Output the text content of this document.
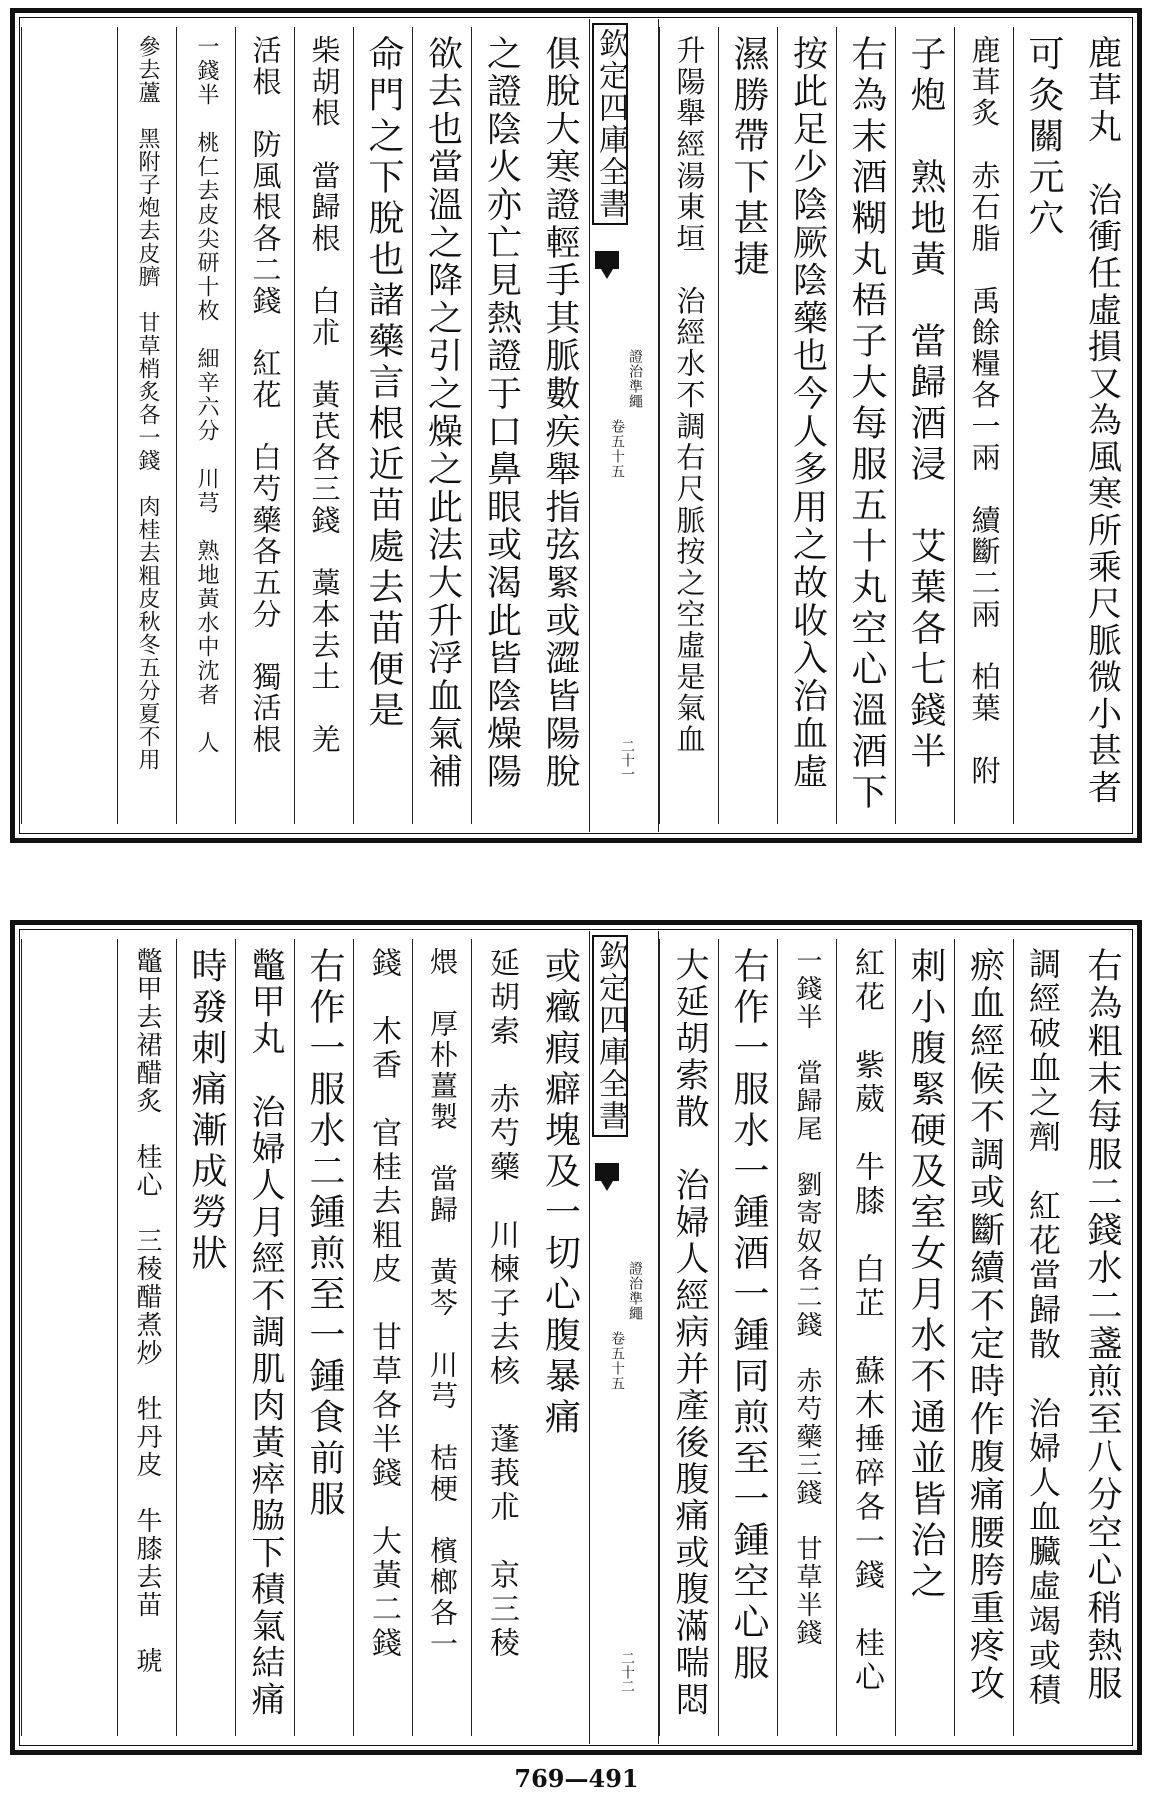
鹿茸丸　治衝任虛損又為風寒所乘尺脈微小甚者
可灸關元穴
鹿茸炙　赤石脂　禹餘糧各一兩　續斷二兩　柏葉　附
子炮　熟地黃　當歸酒浸　艾葉各七錢半
右為末酒糊丸梧子大每服五十丸空心溫酒下
按此足少陰厥陰藥也今人多用之故收入治血虛
濕勝帶下甚捷
升陽舉經湯東垣　治經水不調右尺脈按之空虛是氣血
欽定四庫全書
證治準繩
卷五十五
二十一
俱脫大寒證輕手其脈數疾舉指弦緊或澀皆陽脫
之證陰火亦亡見熱證于口鼻眼或渴此皆陰燥陽
欲去也當溫之降之引之燥之此法大升浮血氣補
命門之下脫也諸藥言根近苗處去苗便是
柴胡根　當歸根　白朮　黃芪各三錢　藁本去土　羌
活根　防風根各二錢　紅花　白芍藥各五分　獨活根
一錢半　桃仁去皮尖研十枚　細辛六分　川芎　熟地黃水中沈者　人
參去蘆　黑附子炮去皮臍　甘草梢炙各一錢　肉桂去粗皮秋冬五分夏不用
右為粗末每服二錢水二盞煎至八分空心稍熱服
調經破血之劑　紅花當歸散　治婦人血臟虛竭或積
瘀血經候不調或斷續不定時作腹痛腰胯重疼攻
刺小腹緊硬及室女月水不通並皆治之
紅花　紫葳　牛膝　白芷　蘇木捶碎各一錢　桂心
一錢半　當歸尾　劉寄奴各二錢　赤芍藥三錢　甘草半錢
右作一服水一鍾酒一鍾同煎至一鍾空心服
大延胡索散　治婦人經病并產後腹痛或腹滿喘悶
欽定四庫全書
證治準繩
卷五十五
二十二
或癥瘕癖塊及一切心腹暴痛
延胡索　赤芍藥　川楝子去核　蓬莪朮　京三稜
煨　厚朴薑製　當歸　黃芩　川芎　桔梗　檳榔各一
錢　木香　官桂去粗皮　甘草各半錢　大黃二錢
右作一服水二鍾煎至一鍾食前服
鼈甲丸　治婦人月經不調肌肉黃瘁脇下積氣結痛
時發刺痛漸成勞狀
鼈甲去裙醋炙　桂心　三稜醋煮炒　牡丹皮　牛膝去苗　琥
769—491
